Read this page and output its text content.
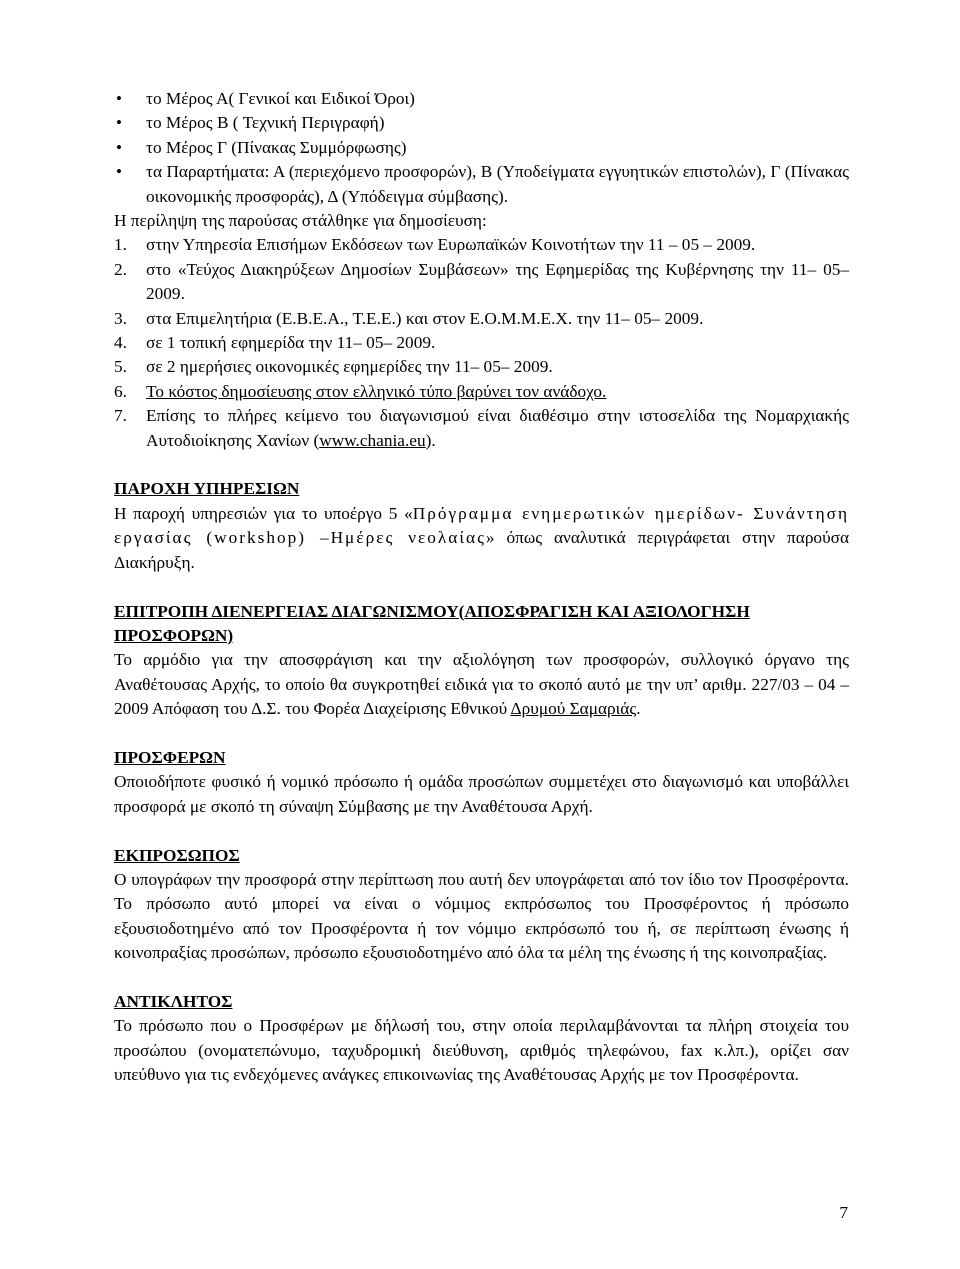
• το Μέρος Α( Γενικοί και Ειδικοί Όροι)
• το Μέρος Β ( Τεχνική Περιγραφή)
• το Μέρος Γ (Πίνακας Συμμόρφωσης)
• τα Παραρτήματα: Α (περιεχόμενο προσφορών), Β (Υποδείγματα εγγυητικών επιστολών), Γ (Πίνακας οικονομικής προσφοράς), Δ (Υπόδειγμα σύμβασης).

Η περίληψη της παρούσας στάλθηκε για δημοσίευση:

1. στην Υπηρεσία Επισήμων Εκδόσεων των Ευρωπαϊκών Κοινοτήτων την 11 – 05 – 2009.
2. στο «Τεύχος Διακηρύξεων Δημοσίων Συμβάσεων» της Εφημερίδας της Κυβέρνησης την 11– 05– 2009.
3. στα Επιμελητήρια (Ε.Β.Ε.Α., Τ.Ε.Ε.) και στον Ε.Ο.Μ.Μ.Ε.Χ. την 11– 05– 2009.
4. σε 1 τοπική εφημερίδα την 11– 05– 2009.
5. σε 2 ημερήσιες οικονομικές εφημερίδες την 11– 05– 2009.
6. Το κόστος δημοσίευσης στον ελληνικό τύπο βαρύνει τον ανάδοχο.
7. Επίσης το πλήρες κείμενο του διαγωνισμού είναι διαθέσιμο στην ιστοσελίδα της Νομαρχιακής Αυτοδιοίκησης Χανίων (www.chania.eu).
ΠΑΡΟΧΗ ΥΠΗΡΕΣΙΩΝ

Η παροχή υπηρεσιών για το υποέργο 5 «Πρόγραμμα ενημερωτικών ημερίδων- Συνάντηση εργασίας (workshop) –Ημέρες νεολαίας» όπως αναλυτικά περιγράφεται στην παρούσα Διακήρυξη.

ΕΠΙΤΡΟΠΗ ΔΙΕΝΕΡΓΕΙΑΣ ΔΙΑΓΩΝΙΣΜΟΥ(ΑΠΟΣΦΡΑΓΙΣΗ ΚΑΙ ΑΞΙΟΛΟΓΗΣΗ ΠΡΟΣΦΟΡΩΝ)

Το αρμόδιο για την αποσφράγιση και την αξιολόγηση των προσφορών, συλλογικό όργανο της Αναθέτουσας Αρχής, το οποίο θα συγκροτηθεί ειδικά για το σκοπό αυτό με την υπ’ αριθμ. 227/03 – 04 – 2009 Απόφαση του Δ.Σ. του Φορέα Διαχείρισης Εθνικού Δρυμού Σαμαριάς.

ΠΡΟΣΦΕΡΩΝ

Οποιοδήποτε φυσικό ή νομικό πρόσωπο ή ομάδα προσώπων συμμετέχει στο διαγωνισμό και υποβάλλει προσφορά με σκοπό τη σύναψη Σύμβασης με την Αναθέτουσα Αρχή.

ΕΚΠΡΟΣΩΠΟΣ

Ο υπογράφων την προσφορά στην περίπτωση που αυτή δεν υπογράφεται από τον ίδιο τον Προσφέροντα. Το πρόσωπο αυτό μπορεί να είναι ο νόμιμος εκπρόσωπος του Προσφέροντος ή πρόσωπο εξουσιοδοτημένο από τον Προσφέροντα ή τον νόμιμο εκπρόσωπό του ή, σε περίπτωση ένωσης ή κοινοπραξίας προσώπων, πρόσωπο εξουσιοδοτημένο από όλα τα μέλη της ένωσης ή της κοινοπραξίας.

ΑΝΤΙΚΛΗΤΟΣ

Το πρόσωπο που ο Προσφέρων με δήλωσή του, στην οποία περιλαμβάνονται τα πλήρη στοιχεία του προσώπου (ονοματεπώνυμο, ταχυδρομική διεύθυνση, αριθμός τηλεφώνου, fax κ.λπ.), ορίζει σαν υπεύθυνο για τις ενδεχόμενες ανάγκες επικοινωνίας της Αναθέτουσας Αρχής με τον Προσφέροντα.

7
